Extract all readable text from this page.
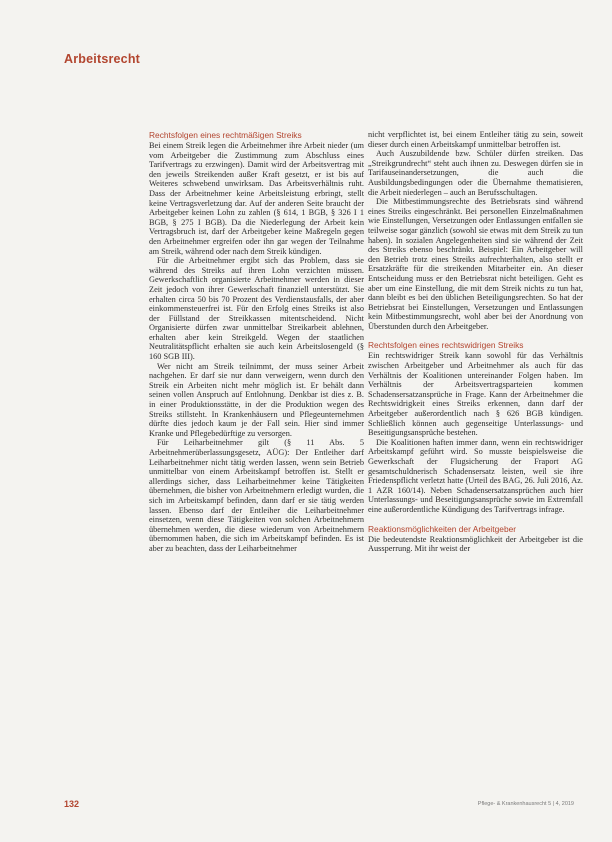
Arbeitsrecht
Rechtsfolgen eines rechtmäßigen Streiks

Bei einem Streik legen die Arbeitnehmer ihre Arbeit nieder (um vom Arbeitgeber die Zustimmung zum Abschluss eines Tarifvertrags zu erzwingen). Damit wird der Arbeitsvertrag mit den jeweils Streikenden außer Kraft gesetzt, er ist bis auf Weiteres schwebend unwirksam. Das Arbeitsverhältnis ruht. Dass der Arbeitnehmer keine Arbeitsleistung erbringt, stellt keine Vertragsverletzung dar. Auf der anderen Seite braucht der Arbeitgeber keinen Lohn zu zahlen (§ 614, 1 BGB, § 326 I 1 BGB, § 275 I BGB). Da die Niederlegung der Arbeit kein Vertragsbruch ist, darf der Arbeitgeber keine Maßregeln gegen den Arbeitnehmer ergreifen oder ihn gar wegen der Teilnahme am Streik, während oder nach dem Streik kündigen.

Für die Arbeitnehmer ergibt sich das Problem, dass sie während des Streiks auf ihren Lohn verzichten müssen. Gewerkschaftlich organisierte Arbeitnehmer werden in dieser Zeit jedoch von ihrer Gewerkschaft finanziell unterstützt. Sie erhalten circa 50 bis 70 Prozent des Verdienstausfalls, der aber einkommensteuerfrei ist. Für den Erfolg eines Streiks ist also der Füllstand der Streikkassen mitentscheidend. Nicht Organisierte dürfen zwar unmittelbar Streikarbeit ablehnen, erhalten aber kein Streikgeld. Wegen der staatlichen Neutralitätspflicht erhalten sie auch kein Arbeitslosengeld (§ 160 SGB III).

Wer nicht am Streik teilnimmt, der muss seiner Arbeit nachgehen. Er darf sie nur dann verweigern, wenn durch den Streik ein Arbeiten nicht mehr möglich ist. Er behält dann seinen vollen Anspruch auf Entlohnung. Denkbar ist dies z. B. in einer Produktionsstätte, in der die Produktion wegen des Streiks stillsteht. In Krankenhäusern und Pflegeunternehmen dürfte dies jedoch kaum je der Fall sein. Hier sind immer Kranke und Pflegebedürftige zu versorgen.

Für Leiharbeitnehmer gilt (§ 11 Abs. 5 Arbeitnehmerüberlassungsgesetz, AÜG): Der Entleiher darf Leiharbeitnehmer nicht tätig werden lassen, wenn sein Betrieb unmittelbar von einem Arbeitskampf betroffen ist. Stellt er allerdings sicher, dass Leiharbeitnehmer keine Tätigkeiten übernehmen, die bisher von Arbeitnehmern erledigt wurden, die sich im Arbeitskampf befinden, dann darf er sie tätig werden lassen. Ebenso darf der Entleiher die Leiharbeitnehmer einsetzen, wenn diese Tätigkeiten von solchen Arbeitnehmern übernehmen werden, die diese wiederum von Arbeitnehmern übernommen haben, die sich im Arbeitskampf befinden. Es ist aber zu beachten, dass der Leiharbeitnehmer

nicht verpflichtet ist, bei einem Entleiher tätig zu sein, soweit dieser durch einen Arbeitskampf unmittelbar betroffen ist.

Auch Auszubildende bzw. Schüler dürfen streiken. Das „Streikgrundrecht“ steht auch ihnen zu. Deswegen dürfen sie in Tarifauseinandersetzungen, die auch die Ausbildungsbedingungen oder die Übernahme thematisieren, die Arbeit niederlegen – auch an Berufsschultagen.

Die Mitbestimmungsrechte des Betriebsrats sind während eines Streiks eingeschränkt. Bei personellen Einzelmaßnahmen wie Einstellungen, Versetzungen oder Entlassungen entfallen sie teilweise sogar gänzlich (sowohl sie etwas mit dem Streik zu tun haben). In sozialen Angelegenheiten sind sie während der Zeit des Streiks ebenso beschränkt. Beispiel: Ein Arbeitgeber will den Betrieb trotz eines Streiks aufrechterhalten, also stellt er Ersatzkräfte für die streikenden Mitarbeiter ein. An dieser Entscheidung muss er den Betriebsrat nicht beteiligen. Geht es aber um eine Einstellung, die mit dem Streik nichts zu tun hat, dann bleibt es bei den üblichen Beteiligungsrechten. So hat der Betriebsrat bei Einstellungen, Versetzungen und Entlassungen kein Mitbestimmungsrecht, wohl aber bei der Anordnung von Überstunden durch den Arbeitgeber.

Rechtsfolgen eines rechtswidrigen Streiks

Ein rechtswidriger Streik kann sowohl für das Verhältnis zwischen Arbeitgeber und Arbeitnehmer als auch für das Verhältnis der Koalitionen untereinander Folgen haben. Im Verhältnis der Arbeitsvertragsparteien kommen Schadensersatzansprüche in Frage. Kann der Arbeitnehmer die Rechtswidrigkeit eines Streiks erkennen, dann darf der Arbeitgeber außerordentlich nach § 626 BGB kündigen. Schließlich können auch gegenseitige Unterlassungs- und Beseitigungsansprüche bestehen.

Die Koalitionen haften immer dann, wenn ein rechtswidriger Arbeitskampf geführt wird. So musste beispielsweise die Gewerkschaft der Flugsicherung der Fraport AG gesamtschuldnerisch Schadensersatz leisten, weil sie ihre Friedenspflicht verletzt hatte (Urteil des BAG, 26. Juli 2016, Az. 1 AZR 160/14). Neben Schadensersatzansprüchen auch hier Unterlassungs- und Beseitigungsansprüche sowie im Extremfall eine außerordentliche Kündigung des Tarifvertrags infrage.

Reaktionsmöglichkeiten der Arbeitgeber

Die bedeutendste Reaktionsmöglichkeit der Arbeitgeber ist die Aussperrung. Mit ihr weist der

132	Pflege- & Krankenhausrecht 5 | 4, 2019
